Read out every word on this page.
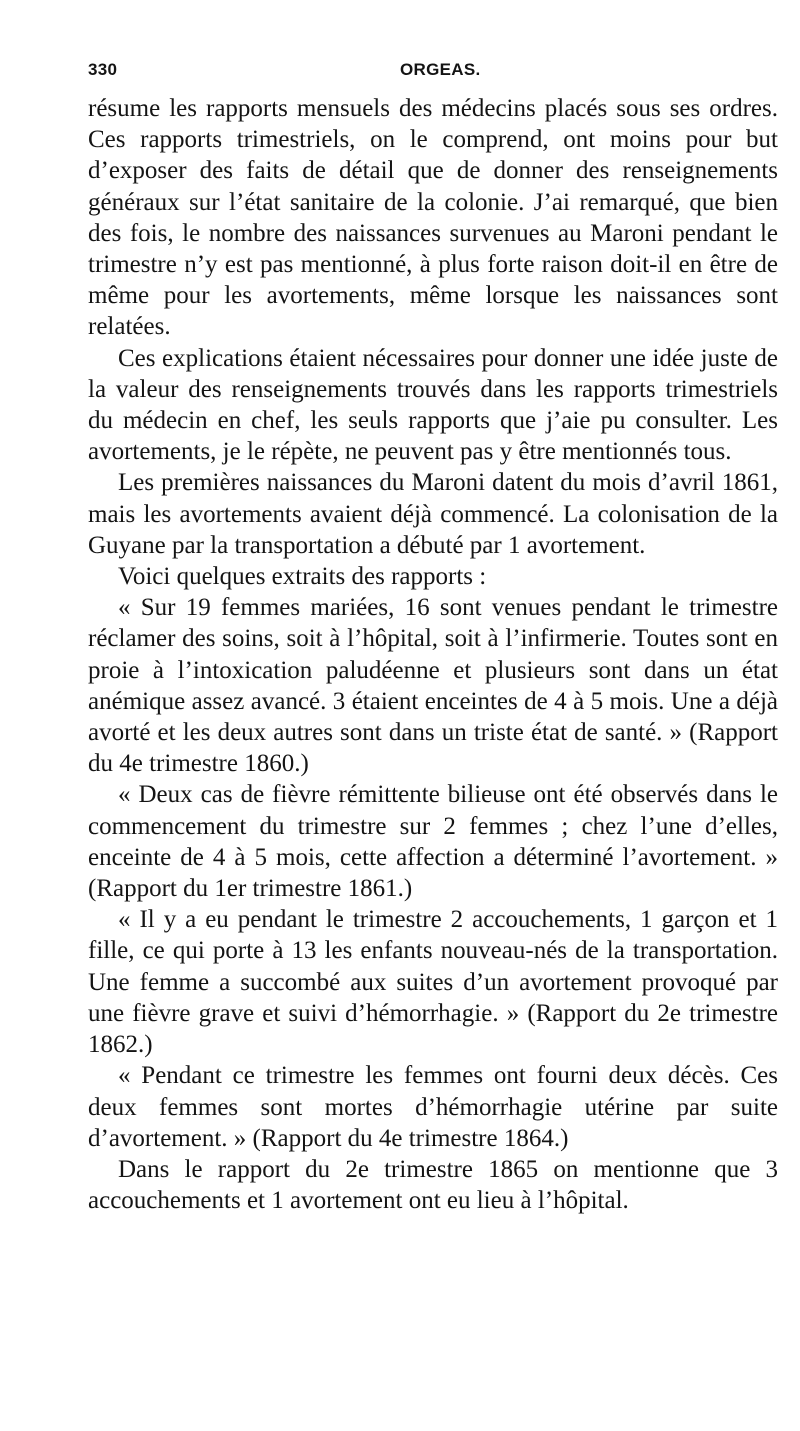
330	ORGEAS.

résume les rapports mensuels des médecins placés sous ses ordres. Ces rapports trimestriels, on le comprend, ont moins pour but d’exposer des faits de détail que de donner des renseignements généraux sur l’état sanitaire de la colonie. J’ai remarqué, que bien des fois, le nombre des naissances survenues au Maroni pendant le trimestre n’y est pas mentionné, à plus forte raison doit-il en être de même pour les avortements, même lorsque les naissances sont relatées.

Ces explications étaient nécessaires pour donner une idée juste de la valeur des renseignements trouvés dans les rapports trimestriels du médecin en chef, les seuls rapports que j’aie pu consulter. Les avortements, je le répète, ne peuvent pas y être mentionnés tous.

Les premières naissances du Maroni datent du mois d’avril 1861, mais les avortements avaient déjà commencé. La colonisation de la Guyane par la transportation a débuté par 1 avortement.

Voici quelques extraits des rapports :

« Sur 19 femmes mariées, 16 sont venues pendant le trimestre réclamer des soins, soit à l’hôpital, soit à l’infirmerie. Toutes sont en proie à l’intoxication paludéenne et plusieurs sont dans un état anémique assez avancé. 3 étaient enceintes de 4 à 5 mois. Une a déjà avorté et les deux autres sont dans un triste état de santé. » (Rapport du 4e trimestre 1860.)

« Deux cas de fièvre rémittente bilieuse ont été observés dans le commencement du trimestre sur 2 femmes ; chez l’une d’elles, enceinte de 4 à 5 mois, cette affection a déterminé l’avortement. » (Rapport du 1er trimestre 1861.)

« Il y a eu pendant le trimestre 2 accouchements, 1 garçon et 1 fille, ce qui porte à 13 les enfants nouveau-nés de la transportation. Une femme a succombé aux suites d’un avortement provoqué par une fièvre grave et suivi d’hémorrhagie. » (Rapport du 2e trimestre 1862.)

« Pendant ce trimestre les femmes ont fourni deux décès. Ces deux femmes sont mortes d’hémorrhagie utérine par suite d’avortement. » (Rapport du 4e trimestre 1864.)

Dans le rapport du 2e trimestre 1865 on mentionne que 3 accouchements et 1 avortement ont eu lieu à l’hôpital.
